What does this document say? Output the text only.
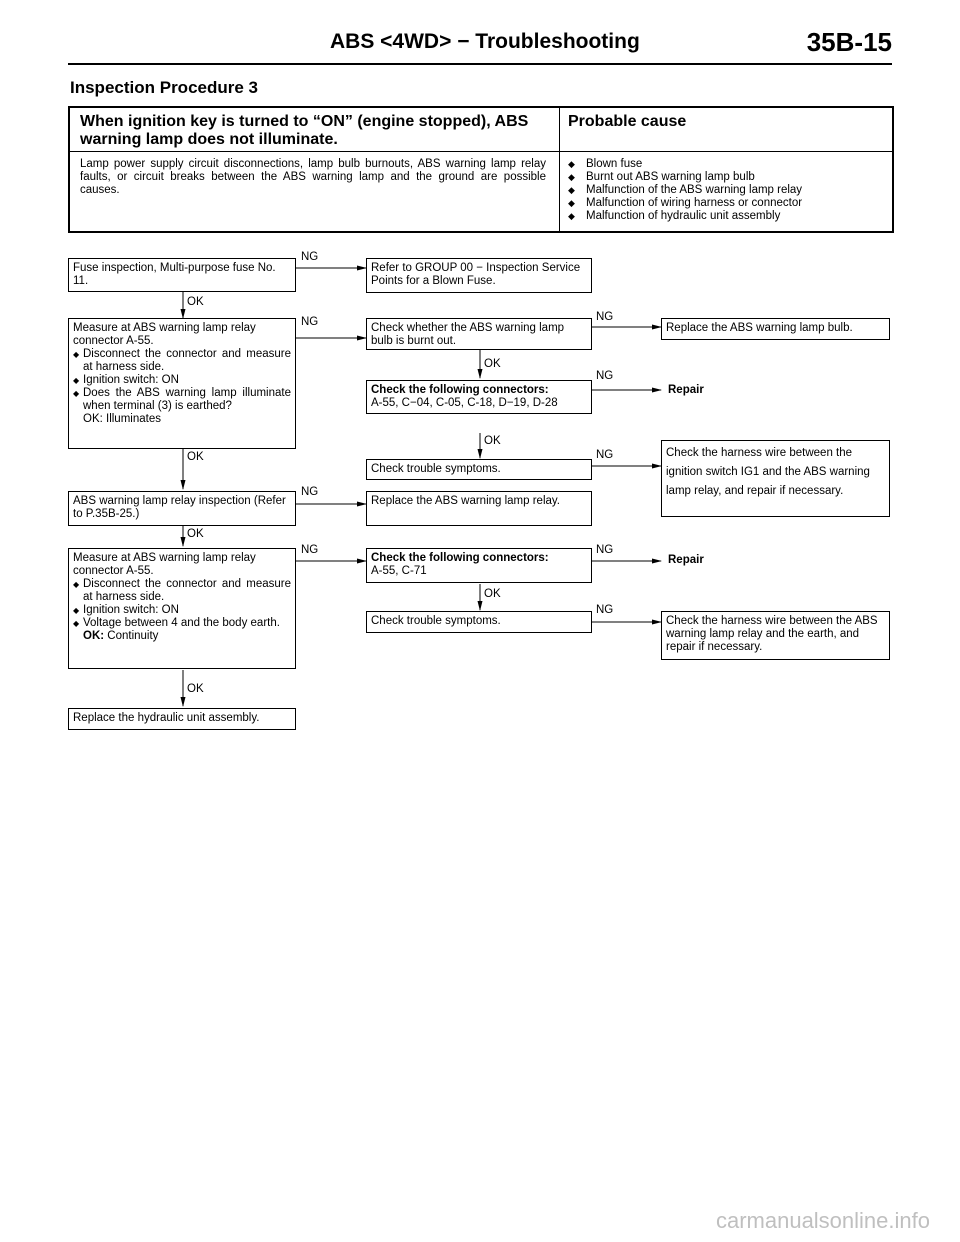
ABS <4WD> − Troubleshooting	35B-15
Inspection Procedure 3
When ignition key is turned to “ON” (engine stopped), ABS warning lamp does not illuminate.
Probable cause
Lamp power supply circuit disconnections, lamp bulb burnouts, ABS warning lamp relay faults, or circuit breaks between the ABS warning lamp and the ground are possible causes.
◆ Blown fuse
◆ Burnt out ABS warning lamp bulb
◆ Malfunction of the ABS warning lamp relay
◆ Malfunction of wiring harness or connector
◆ Malfunction of hydraulic unit assembly
Fuse inspection, Multi-purpose fuse No. 11.
Measure at ABS warning lamp relay connector A-55.
◆ Disconnect the connector and measure at harness side.
◆ Ignition switch: ON
◆ Does the ABS warning lamp illuminate when terminal (3) is earthed?
OK: Illuminates
ABS warning lamp relay inspection (Refer to P.35B-25.)
Measure at ABS warning lamp relay connector A-55.
◆ Disconnect the connector and measure at harness side.
◆ Ignition switch: ON
◆ Voltage between 4 and the body earth.
OK: Continuity
Replace the hydraulic unit assembly.
Refer to GROUP 00 − Inspection Service Points for a Blown Fuse.
Check whether the ABS warning lamp bulb is burnt out.
Check the following connectors:
A-55, C−04, C-05, C-18, D−19, D-28
Check trouble symptoms.
Replace the ABS warning lamp relay.
Check the following connectors:
A-55, C-71
Check trouble symptoms.
Replace the ABS warning lamp bulb.
Repair
Check the harness wire between the ignition switch IG1 and the ABS warning lamp relay, and repair if necessary.
Repair
Check the harness wire between the ABS warning lamp relay and the earth, and repair if necessary.
NG
OK
NG	NG
OK
NG
OK
NG
OK
NG
OK
NG	NG
OK
NG
OK
carmanualsonline.info
